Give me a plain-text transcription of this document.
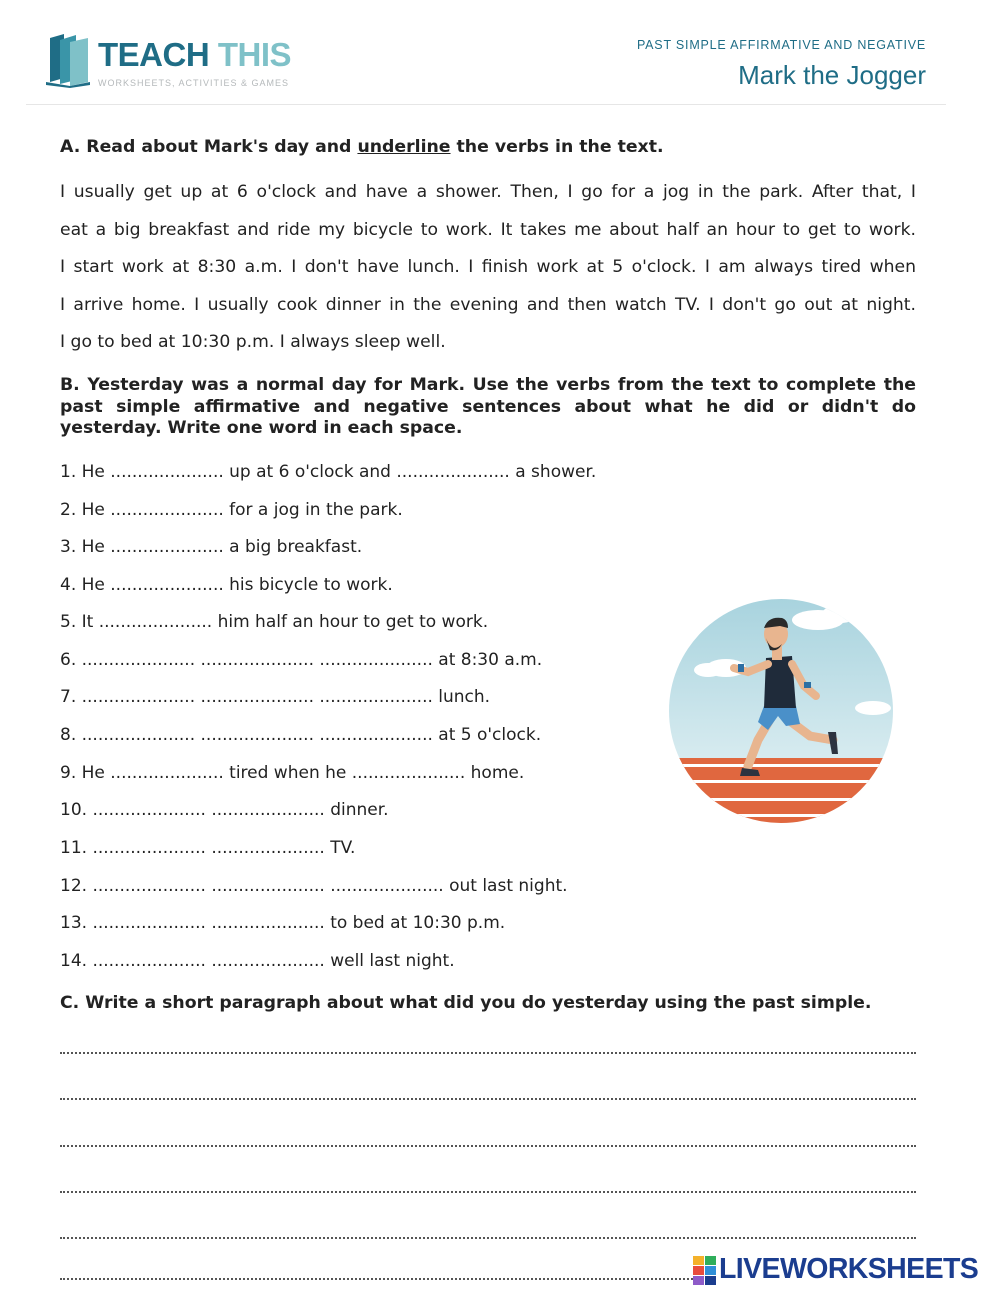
TEACH THIS
WORKSHEETS, ACTIVITIES & GAMES
PAST SIMPLE AFFIRMATIVE AND NEGATIVE
Mark the Jogger
A. Read about Mark's day and underline the verbs in the text.
I usually get up at 6 o'clock and have a shower. Then, I go for a jog in the park. After that, I
eat a big breakfast and ride my bicycle to work. It takes me about half an hour to get to work.
I start work at 8:30 a.m. I don't have lunch. I finish work at 5 o'clock. I am always tired when
I arrive home. I usually cook dinner in the evening and then watch TV. I don't go out at night.
I go to bed at 10:30 p.m. I always sleep well.
B. Yesterday was a normal day for Mark. Use the verbs from the text to complete the past simple affirmative and negative sentences about what he did or didn't do yesterday. Write one word in each space.
1. He ..................... up at 6 o'clock and ..................... a shower.
2. He ..................... for a jog in the park.
3. He ..................... a big breakfast.
4. He ..................... his bicycle to work.
5. It ..................... him half an hour to get to work.
6. ..................... ..................... ..................... at 8:30 a.m.
7. ..................... ..................... ..................... lunch.
8. ..................... ..................... ..................... at 5 o'clock.
9. He ..................... tired when he ..................... home.
10. ..................... ..................... dinner.
11. ..................... ..................... TV.
12. ..................... ..................... ..................... out last night.
13. ..................... ..................... to bed at 10:30 p.m.
14. ..................... ..................... well last night.
C. Write a short paragraph about what did you do yesterday using the past simple.
LIVEWORKSHEETS
